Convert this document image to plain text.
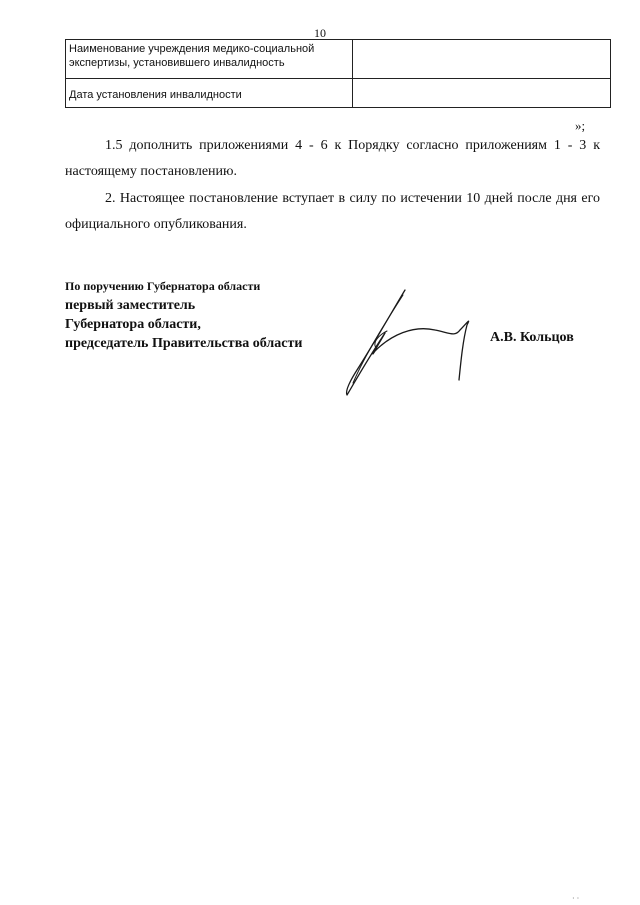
10
Наименование учреждения медико-социальной экспертизы, установившего инвалидность	
Дата установления инвалидности	
»;

1.5 дополнить приложениями 4 - 6 к Порядку согласно приложениям 1 - 3 к настоящему постановлению.

2. Настоящее постановление вступает в силу по истечении 10 дней после дня его официального опубликования.

По поручению Губернатора области
первый заместитель
Губернатора области,
председатель Правительства области	А.В. Кольцов
· ·
